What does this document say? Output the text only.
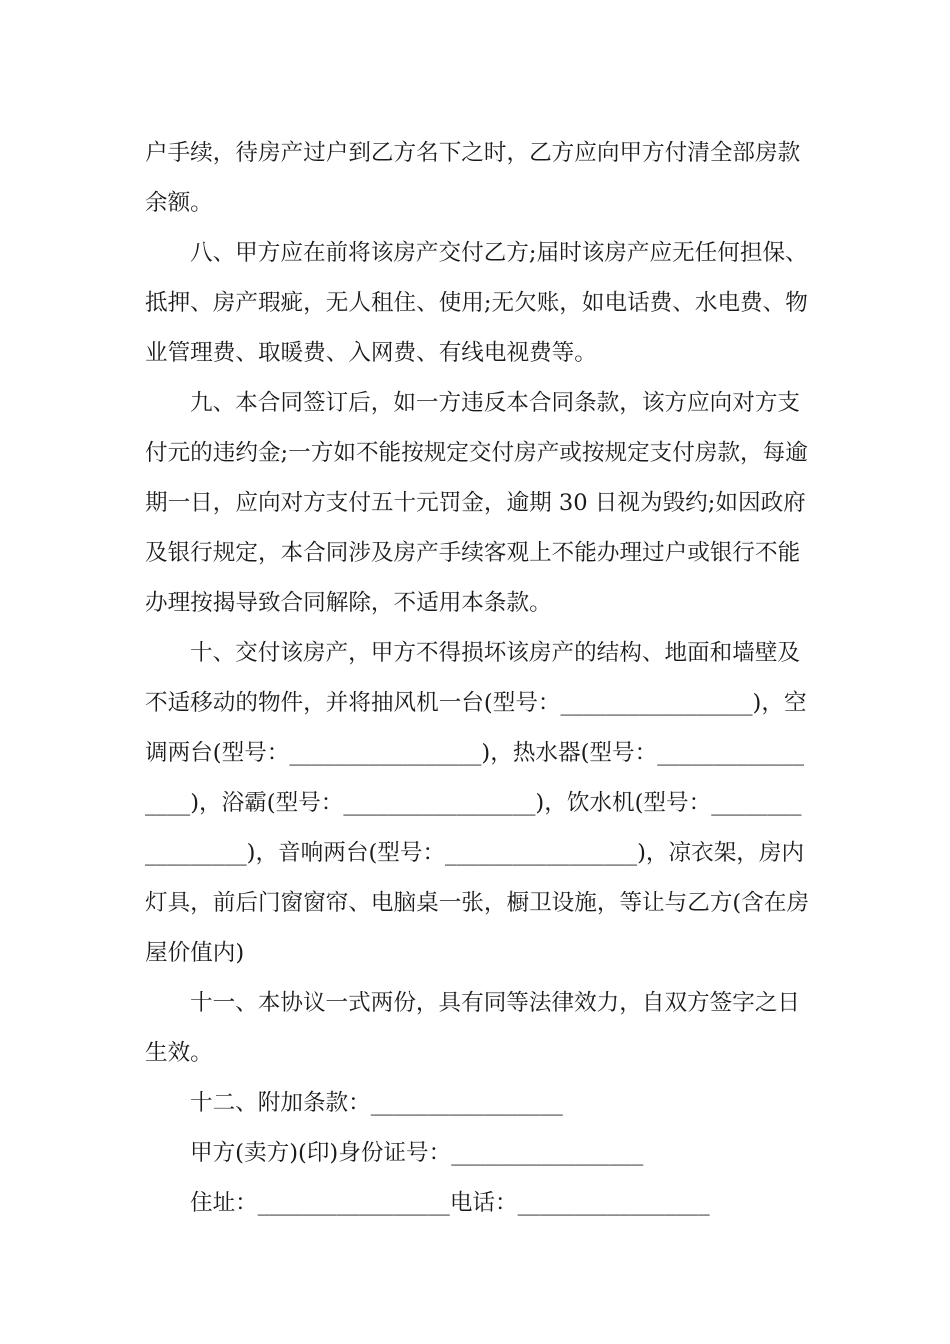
户手续，待房产过户到乙方名下之时，乙方应向甲方付清全部房款
余额。
八、甲方应在前将该房产交付乙方;届时该房产应无任何担保、
抵押、房产瑕疵，无人租住、使用;无欠账，如电话费、水电费、物
业管理费、取暖费、入网费、有线电视费等。
九、本合同签订后，如一方违反本合同条款，该方应向对方支
付元的违约金;一方如不能按规定交付房产或按规定支付房款，每逾
期一日，应向对方支付五十元罚金，逾期 30 日视为毁约;如因政府
及银行规定，本合同涉及房产手续客观上不能办理过户或银行不能
办理按揭导致合同解除，不适用本条款。
十、交付该房产，甲方不得损坏该房产的结构、地面和墙壁及
不适移动的物件，并将抽风机一台(型号：_________________)，空
调两台(型号：_________________)，热水器(型号：_____________
____)，浴霸(型号：_________________)，饮水机(型号：________
_________)，音响两台(型号：_________________)，凉衣架，房内
灯具，前后门窗窗帘、电脑桌一张，橱卫设施，等让与乙方(含在房
屋价值内)
十一、本协议一式两份，具有同等法律效力，自双方签字之日
生效。
十二、附加条款：_________________
甲方(卖方)(印)身份证号：_________________
住址：_________________电话：_________________
